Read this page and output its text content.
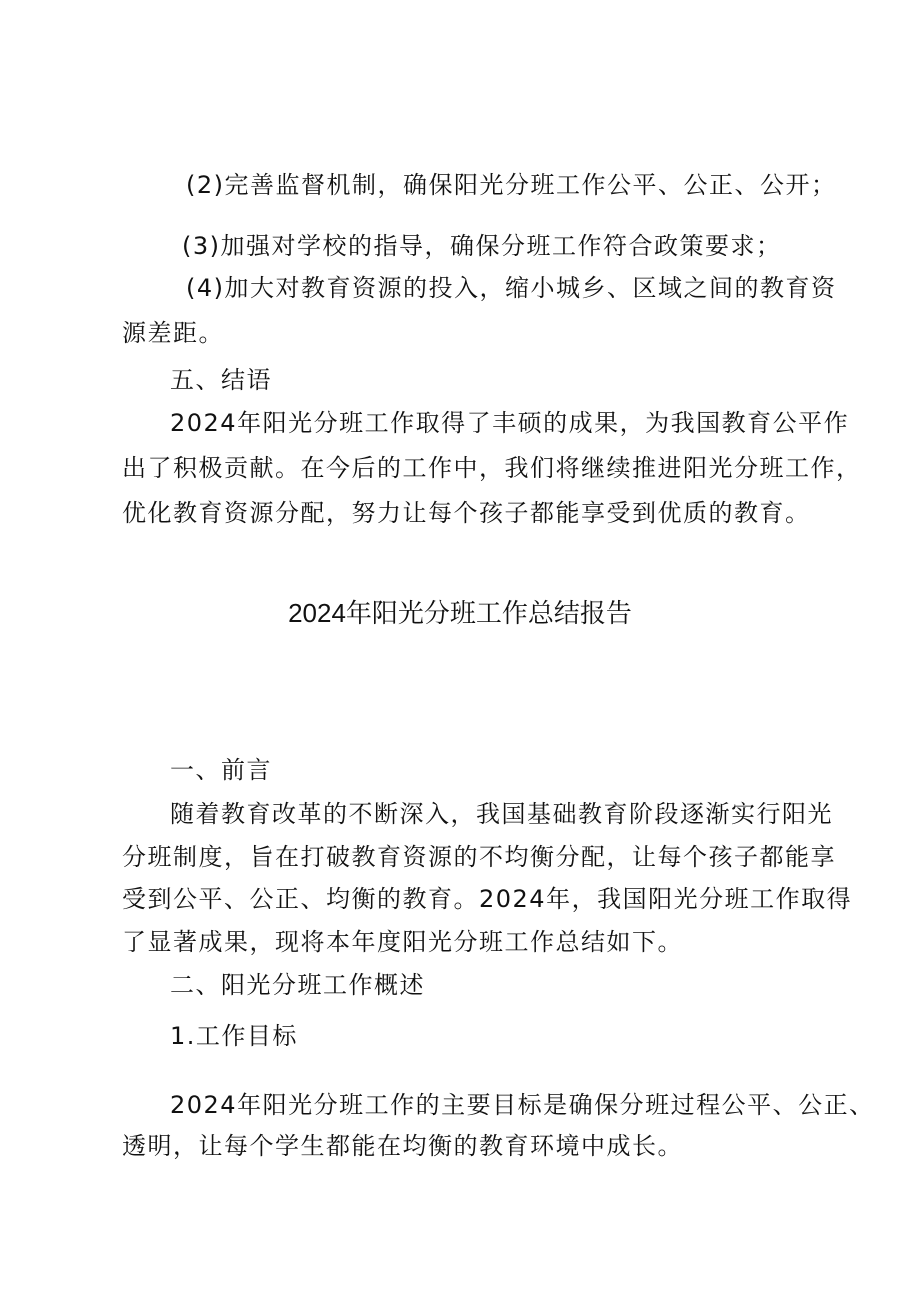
(2)完善监督机制，确保阳光分班工作公平、公正、公开；
(3)加强对学校的指导，确保分班工作符合政策要求；
(4)加大对教育资源的投入，缩小城乡、区域之间的教育资
源差距。
五、结语
2024年阳光分班工作取得了丰硕的成果，为我国教育公平作
出了积极贡献。在今后的工作中，我们将继续推进阳光分班工作，
优化教育资源分配，努力让每个孩子都能享受到优质的教育。
2024年阳光分班工作总结报告
一、前言
随着教育改革的不断深入，我国基础教育阶段逐渐实行阳光
分班制度，旨在打破教育资源的不均衡分配，让每个孩子都能享
受到公平、公正、均衡的教育。2024年，我国阳光分班工作取得
了显著成果，现将本年度阳光分班工作总结如下。
二、阳光分班工作概述
1.工作目标
2024年阳光分班工作的主要目标是确保分班过程公平、公正、
透明，让每个学生都能在均衡的教育环境中成长。
